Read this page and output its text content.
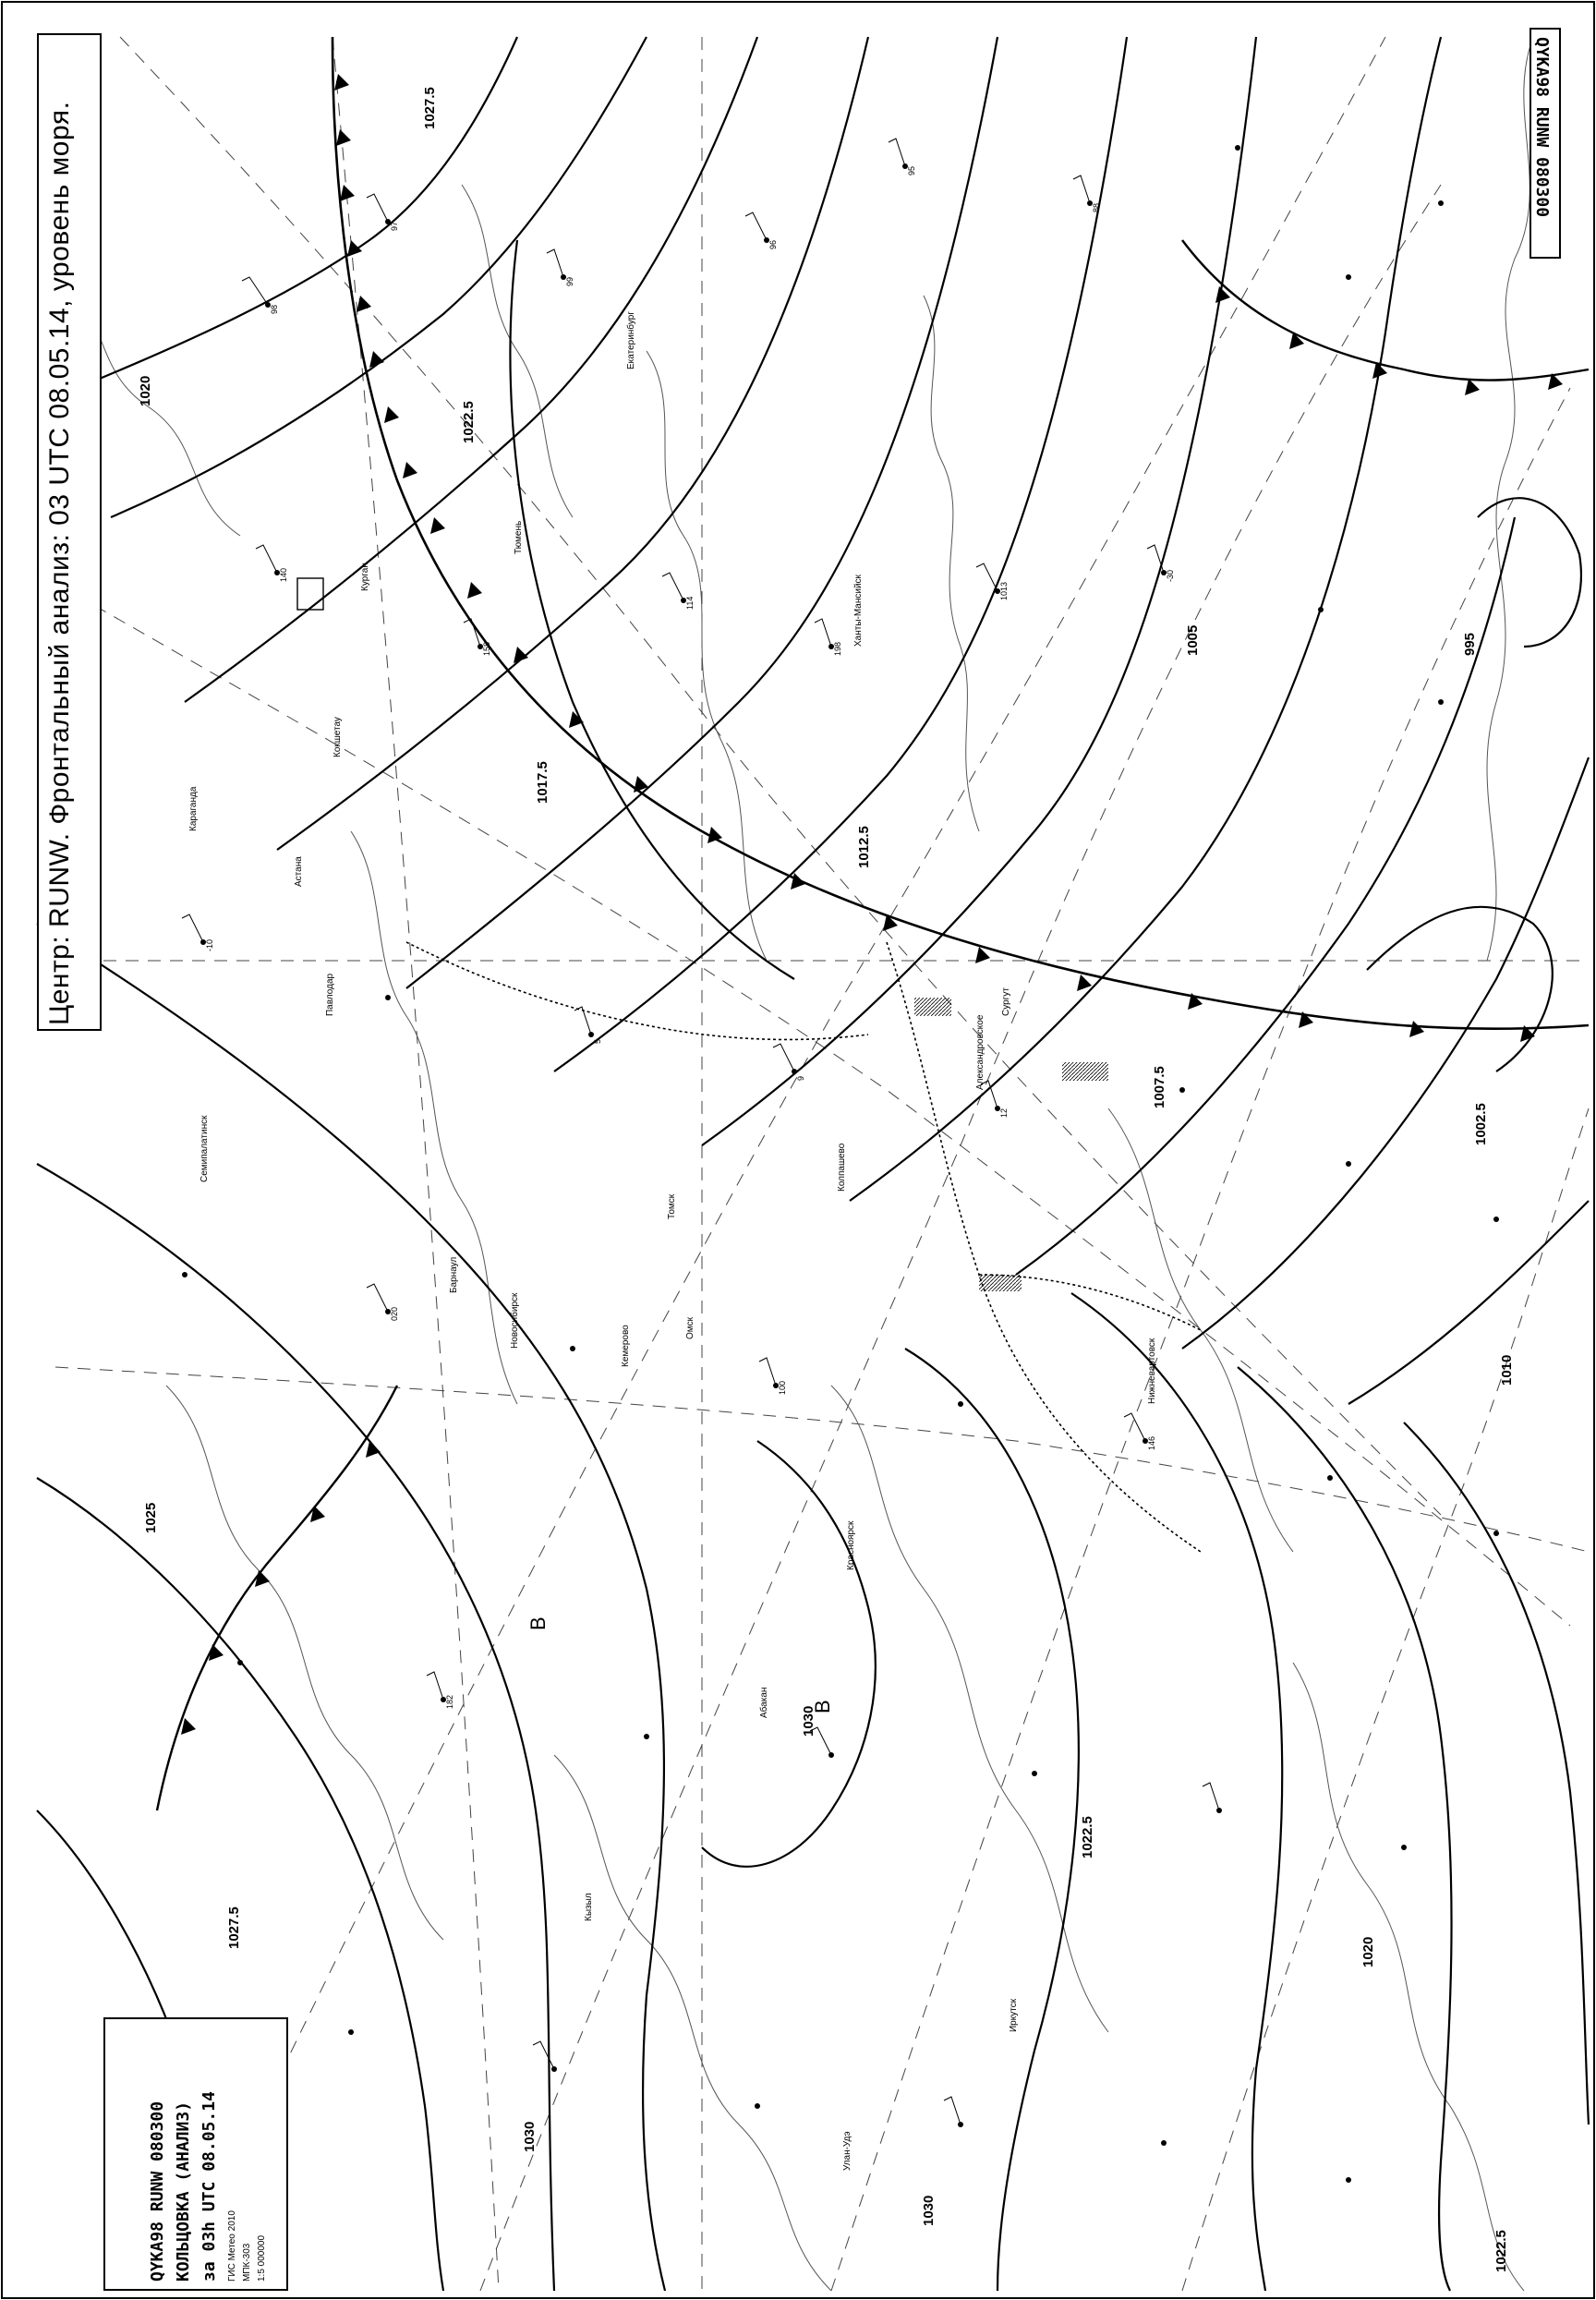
1027.5
1020
1022.5
1017.5
1012.5
1007.5
1005	995
1002.5
1010
1025
1030
1027.5
1030
1022.5
1030
1020
1022.5
В
В
Омск
Новосибирск
Барнаул
Томск
Кемерово
Красноярск
Иркутск
Екатеринбург
Курган
Тюмень
Ханты-Мансийск
Сургут
Нижневартовск
Александровское
Колпашево
Семипалатинск
Павлодар
Караганда
Астана
Кокшетау
Улан-Удэ
Абакан
Кызыл
98
97
99
96
95
88
140
158
114
198
1013
-30
-10
5
9
12
020
100
146
182
Центр: RUNW. Фронтальный анализ: 03 UTC 08.05.14, уровень моря.	QYKA98 RUNW 080300
QYKA98 RUNW 080300 КОЛЬЦОВКА (АНАЛИЗ) за 03h UTC 08.05.14 ГИС Метео 2010 МПК-303 1:5 000000
